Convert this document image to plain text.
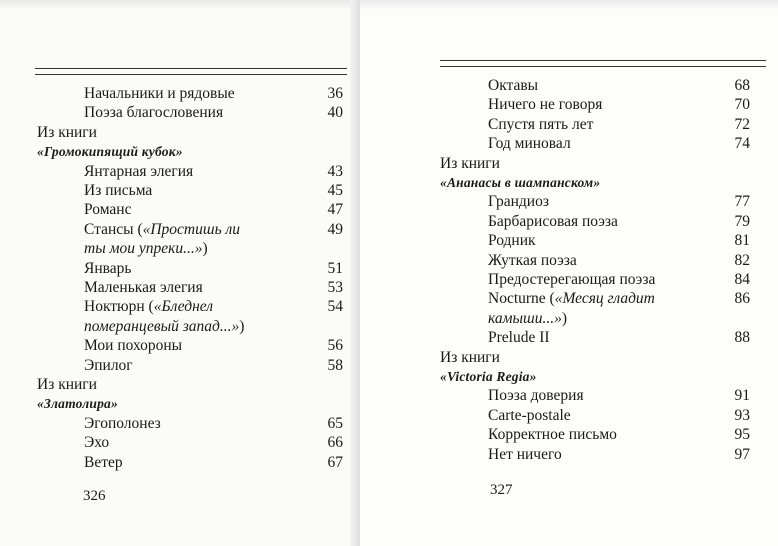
Начальники и рядовые	36
Поэза благословения	40
Из книги
«Громокипящий кубок»
Янтарная элегия	43
Из письма	45
Романс	47
Стансы («Простишь ли	49
ты мои упреки...»)
Январь	51
Маленькая элегия	53
Ноктюрн («Бледнел	54
померанцевый запад...»)
Мои похороны	56
Эпилог	58
Из книги
«Златолира»
Эгополонез	65
Эхо	66
Ветер	67
326
Октавы	68
Ничего не говоря	70
Спустя пять лет	72
Год миновал	74
Из книги
«Ананасы в шампанском»
Грандиоз	77
Барбарисовая поэза	79
Родник	81
Жуткая поэза	82
Предостерегающая поэза	84
Nocturne («Месяц гладит	86
камыши...»)
Prelude II	88
Из книги
«Victoria Regia»
Поэза доверия	91
Carte-postale	93
Корректное письмо	95
Нет ничего	97
327
